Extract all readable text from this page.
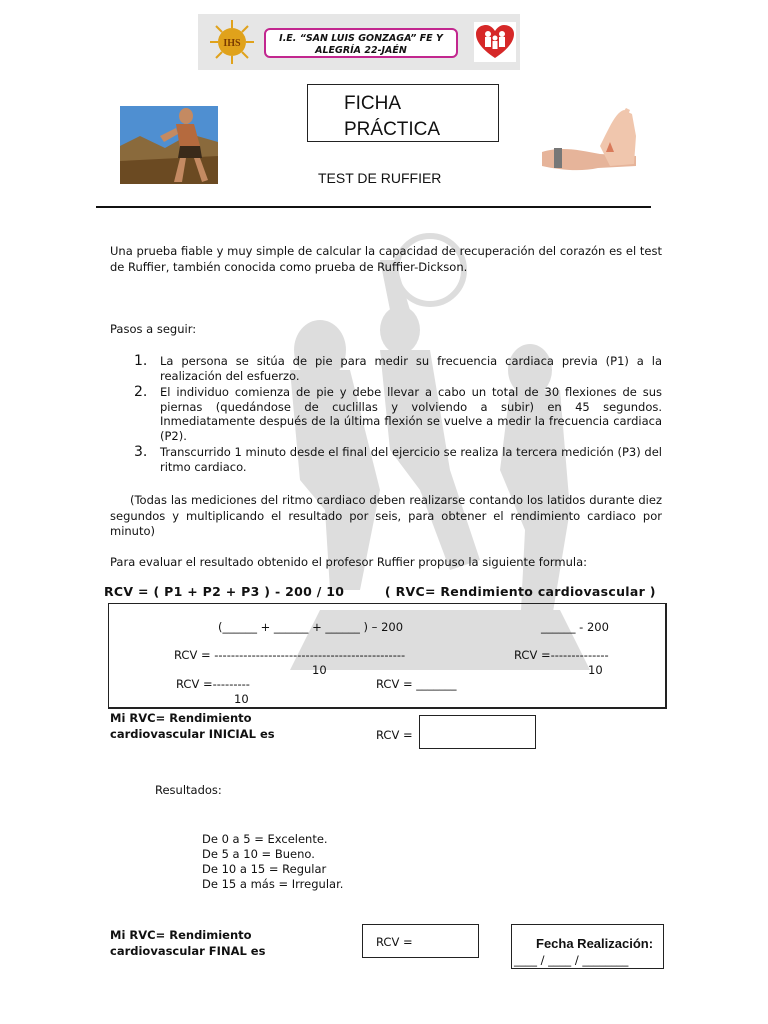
IHS	I.E. “SAN LUIS GONZAGA” FE Y
ALEGRÍA 22-JAÉN
FICHA
PRÁCTICA
TEST DE RUFFIER
Una prueba fiable y muy simple de calcular la capacidad de recuperación del corazón es el test de Ruffier, también conocida como prueba de Ruffier-Dickson.
Pasos a seguir:
1.	La persona se sitúa de pie para medir su frecuencia cardiaca previa (P1) a la realización del esfuerzo.
2.	El individuo comienza de pie y debe llevar a cabo un total de 30 flexiones de sus piernas (quedándose de cuclillas y volviendo a subir) en 45 segundos. Inmediatamente después de la última flexión se vuelve a medir la frecuencia cardiaca (P2).
3.	Transcurrido 1 minuto desde el final del ejercicio se realiza la tercera medición (P3) del ritmo cardiaco.
(Todas las mediciones del ritmo cardiaco deben realizarse contando los latidos durante diez segundos y multiplicando el resultado por seis, para obtener el rendimiento cardiaco por minuto)
Para evaluar el resultado obtenido el profesor Ruffier propuso la siguiente formula:
RCV = ( P1 + P2 + P3 ) - 200 / 10	( RVC= Rendimiento cardiovascular )
(______ + ______ + ______ ) – 200	______ - 200
RCV = ----------------------------------------------	RCV =--------------
10	10
RCV =---------
10
RCV = _______
Mi RVC= Rendimiento
cardiovascular INICIAL es	RCV =
Resultados:
De 0 a 5 = Excelente.
De 5 a 10 = Bueno.
De 10 a 15 = Regular
De 15 a más = Irregular.
Mi RVC= Rendimiento
cardiovascular FINAL es
RCV =	Fecha Realización:
____ / ____ / ________
